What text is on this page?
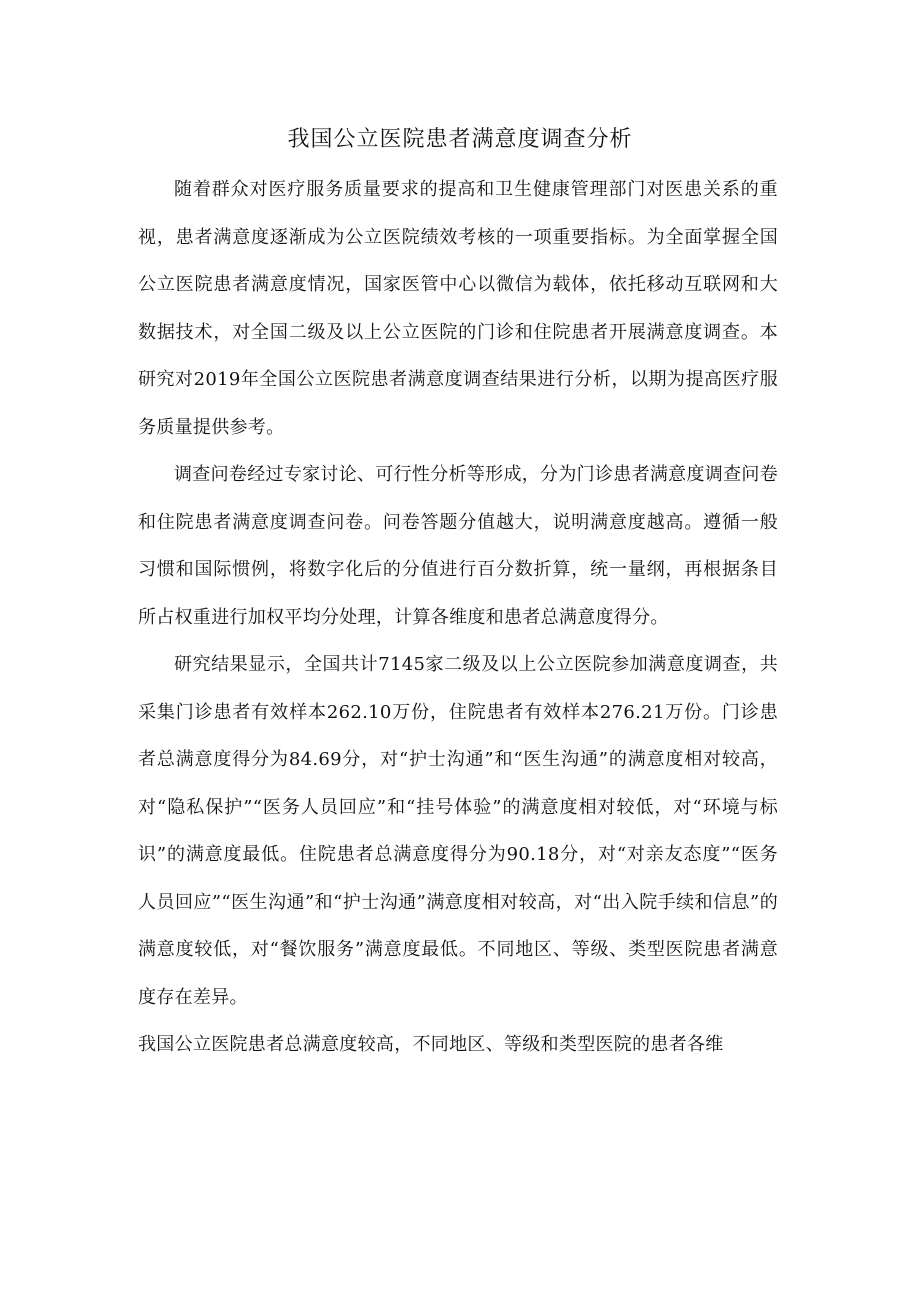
我国公立医院患者满意度调查分析

随着群众对医疗服务质量要求的提高和卫生健康管理部门对医患关系的重视，患者满意度逐渐成为公立医院绩效考核的一项重要指标。为全面掌握全国公立医院患者满意度情况，国家医管中心以微信为载体，依托移动互联网和大数据技术，对全国二级及以上公立医院的门诊和住院患者开展满意度调查。本研究对2019年全国公立医院患者满意度调查结果进行分析，以期为提高医疗服务质量提供参考。

调查问卷经过专家讨论、可行性分析等形成，分为门诊患者满意度调查问卷和住院患者满意度调查问卷。问卷答题分值越大，说明满意度越高。遵循一般习惯和国际惯例，将数字化后的分值进行百分数折算，统一量纲，再根据条目所占权重进行加权平均分处理，计算各维度和患者总满意度得分。

研究结果显示，全国共计7145家二级及以上公立医院参加满意度调查，共采集门诊患者有效样本262.10万份，住院患者有效样本276.21万份。门诊患者总满意度得分为84.69分，对“护士沟通”和“医生沟通”的满意度相对较高，对“隐私保护”“医务人员回应”和“挂号体验”的满意度相对较低，对“环境与标识”的满意度最低。住院患者总满意度得分为90.18分，对“对亲友态度”“医务人员回应”“医生沟通”和“护士沟通”满意度相对较高，对“出入院手续和信息”的满意度较低，对“餐饮服务”满意度最低。不同地区、等级、类型医院患者满意度存在差异。

我国公立医院患者总满意度较高，不同地区、等级和类型医院的患者各维
